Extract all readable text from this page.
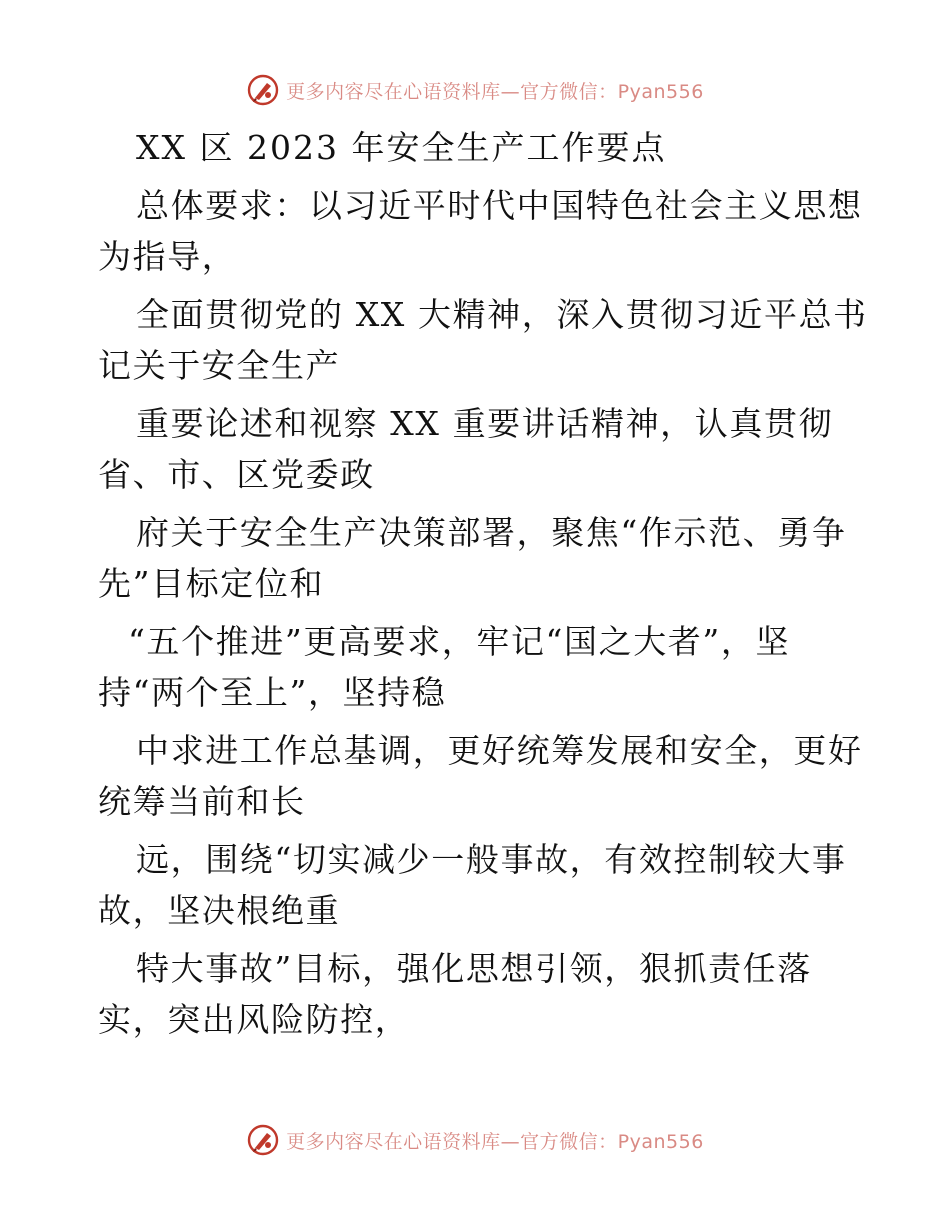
更多内容尽在心语资料库—官方微信：Pyan556
XX 区 2023 年安全生产工作要点
总体要求：以习近平时代中国特色社会主义思想
为指导，
全面贯彻党的 XX 大精神，深入贯彻习近平总书
记关于安全生产
重要论述和视察 XX 重要讲话精神，认真贯彻
省、市、区党委政
府关于安全生产决策部署，聚焦“作示范、勇争
先”目标定位和
“五个推进”更高要求，牢记“国之大者”，坚
持“两个至上”，坚持稳
中求进工作总基调，更好统筹发展和安全，更好
统筹当前和长
远，围绕“切实减少一般事故，有效控制较大事
故，坚决根绝重
特大事故”目标，强化思想引领，狠抓责任落
实，突出风险防控，
更多内容尽在心语资料库—官方微信：Pyan556
